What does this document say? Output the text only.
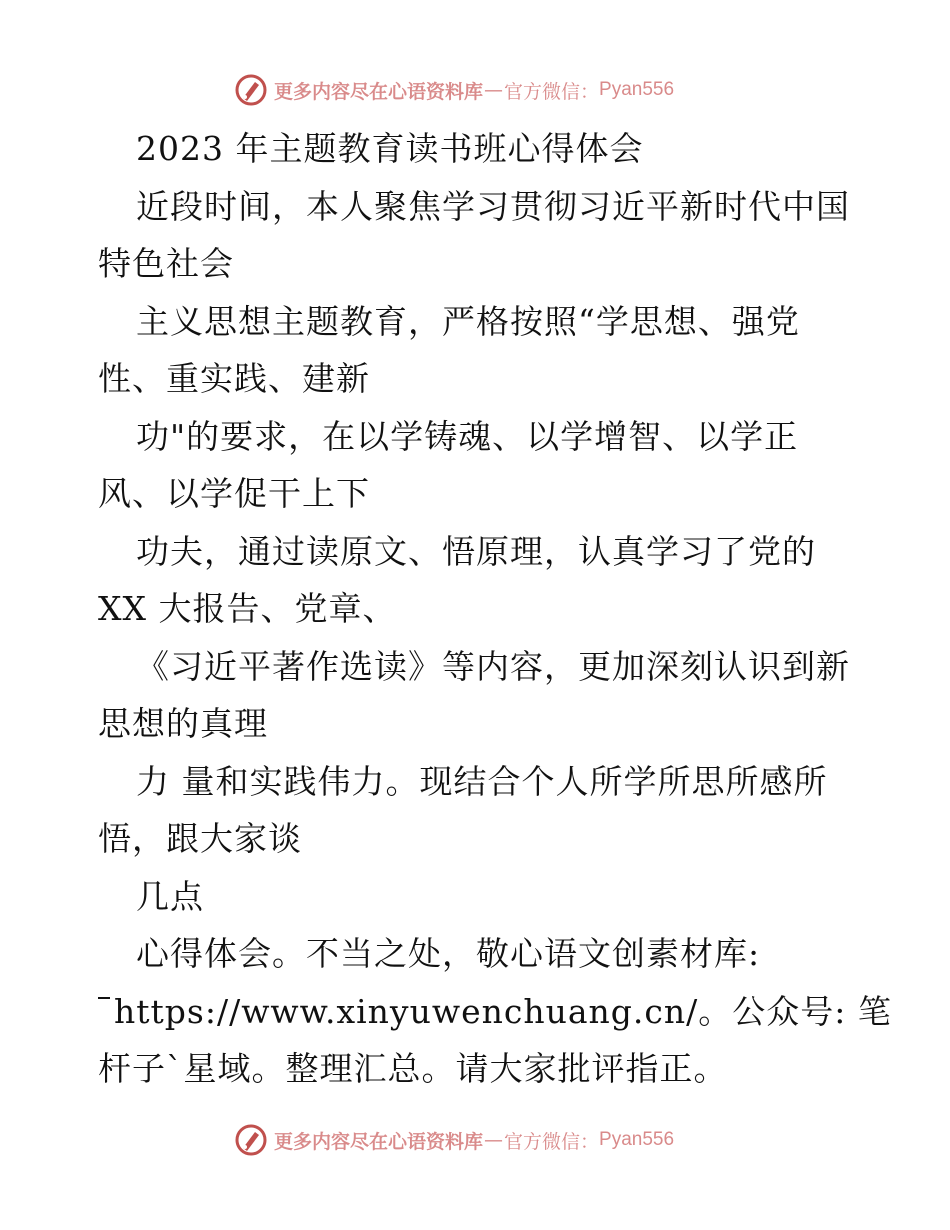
更多内容尽在心语资料库 — 官方微信： Pyan556
2023 年主题教育读书班心得体会
近段时间，本人聚焦学习贯彻习近平新时代中国
特色社会
主义思想主题教育，严格按照“学思想、强党
性、重实践、建新
功"的要求，在以学铸魂、以学增智、以学正
风、以学促干上下
功夫，通过读原文、悟原理，认真学习了党的
XX 大报告、党章、
《习近平著作选读》等内容，更加深刻认识到新
思想的真理
力 量和实践伟力。现结合个人所学所思所感所
悟，跟大家谈
几点
心得体会。不当之处，敬心语文创素材库:
https://www.xinyuwenchuang.cn/。公众号: 笔
杆子`星域。整理汇总。请大家批评指正。
更多内容尽在心语资料库 — 官方微信： Pyan556
